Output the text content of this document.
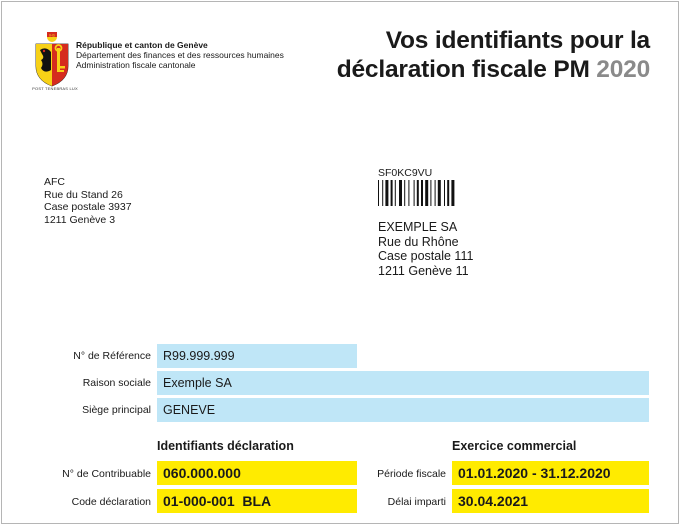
IHS
POST TENEBRAS LUX
République et canton de Genève
Département des finances et des ressources humaines
Administration fiscale cantonale
Vos identifiants pour la
déclaration fiscale PM 2020
AFC
Rue du Stand 26
Case postale 3937
1211 Genève 3
SF0KC9VU
EXEMPLE SA
Rue du Rhône
Case postale 111
1211 Genève 11
N° de Référence R99.999.999
Raison sociale Exemple SA
Siège principal GENEVE
Identifiants déclaration	Exercice commercial
N° de Contribuable 060.000.000
Code déclaration 01-000-001  BLA
Période fiscale 01.01.2020 - 31.12.2020
Délai imparti 30.04.2021
